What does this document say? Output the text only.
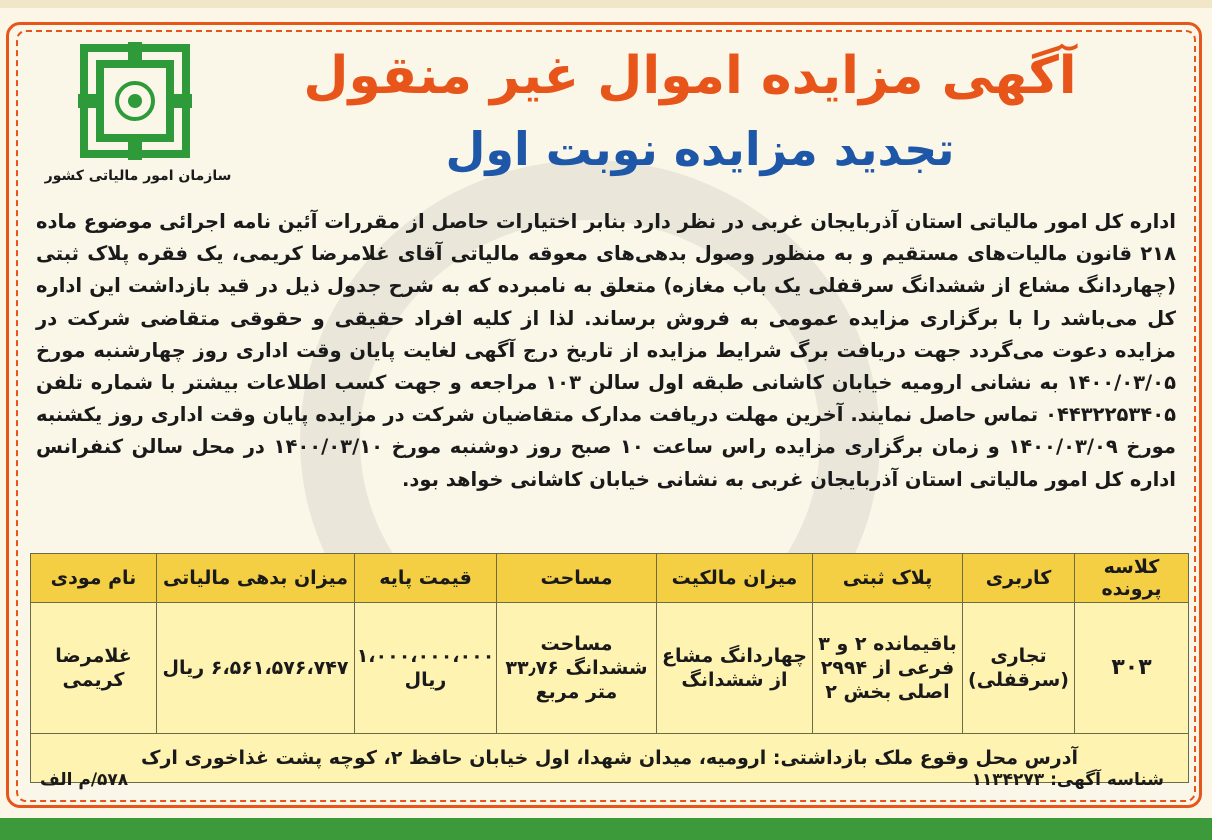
سازمان امور مالیاتی کشور
آگهی مزایده اموال غیر منقول
تجدید مزایده نوبت اول
اداره کل امور مالیاتی استان آذربایجان غربی در نظر دارد بنابر اختیارات حاصل از مقررات آئین نامه اجرائی موضوع ماده ۲۱۸ قانون مالیات‌های مستقیم و به منظور وصول بدهی‌های معوقه مالیاتی آقای غلامرضا کریمی، یک فقره پلاک ثبتی (چهاردانگ مشاع از ششدانگ سرقفلی یک باب مغازه) متعلق به نامبرده که به شرح جدول ذیل در قید بازداشت این اداره کل می‌باشد را با برگزاری مزایده عمومی به فروش برساند. لذا از کلیه افراد حقیقی و حقوقی متقاضی شرکت در مزایده دعوت می‌گردد جهت دریافت برگ شرایط مزایده از تاریخ درج آگهی لغایت پایان وقت اداری روز چهارشنبه مورخ ۱۴۰۰/۰۳/۰۵ به نشانی ارومیه خیابان کاشانی طبقه اول سالن ۱۰۳ مراجعه و جهت کسب اطلاعات بیشتر با شماره تلفن ۰۴۴۳۲۲۵۳۴۰۵ تماس حاصل نمایند. آخرین مهلت دریافت مدارک متقاضیان شرکت در مزایده پایان وقت اداری روز یکشنبه مورخ ۱۴۰۰/۰۳/۰۹ و زمان برگزاری مزایده راس ساعت ۱۰ صبح روز دوشنبه مورخ ۱۴۰۰/۰۳/۱۰ در محل سالن کنفرانس اداره کل امور مالیاتی استان آذربایجان غربی به نشانی خیابان کاشانی خواهد بود.
کلاسه پرونده	کاربری	پلاک ثبتی	میزان مالکیت	مساحت	قیمت پایه	میزان بدهی مالیاتی	نام مودی
۳۰۳	تجاری (سرقفلی)	باقیمانده ۲ و ۳ فرعی از ۲۹۹۴ اصلی بخش ۲	چهاردانگ مشاع از ششدانگ	مساحت ششدانگ ۳۳٫۷۶ متر مربع	۱،۰۰۰،۰۰۰،۰۰۰ ریال	۶،۵۶۱،۵۷۶،۷۴۷ ریال	غلامرضا کریمی
آدرس محل وقوع ملک بازداشتی: ارومیه، میدان شهدا، اول خیابان حافظ ۲، کوچه پشت غذاخوری ارک							
شناسه آگهی: ۱۱۳۴۲۷۳
۵۷۸/م الف
